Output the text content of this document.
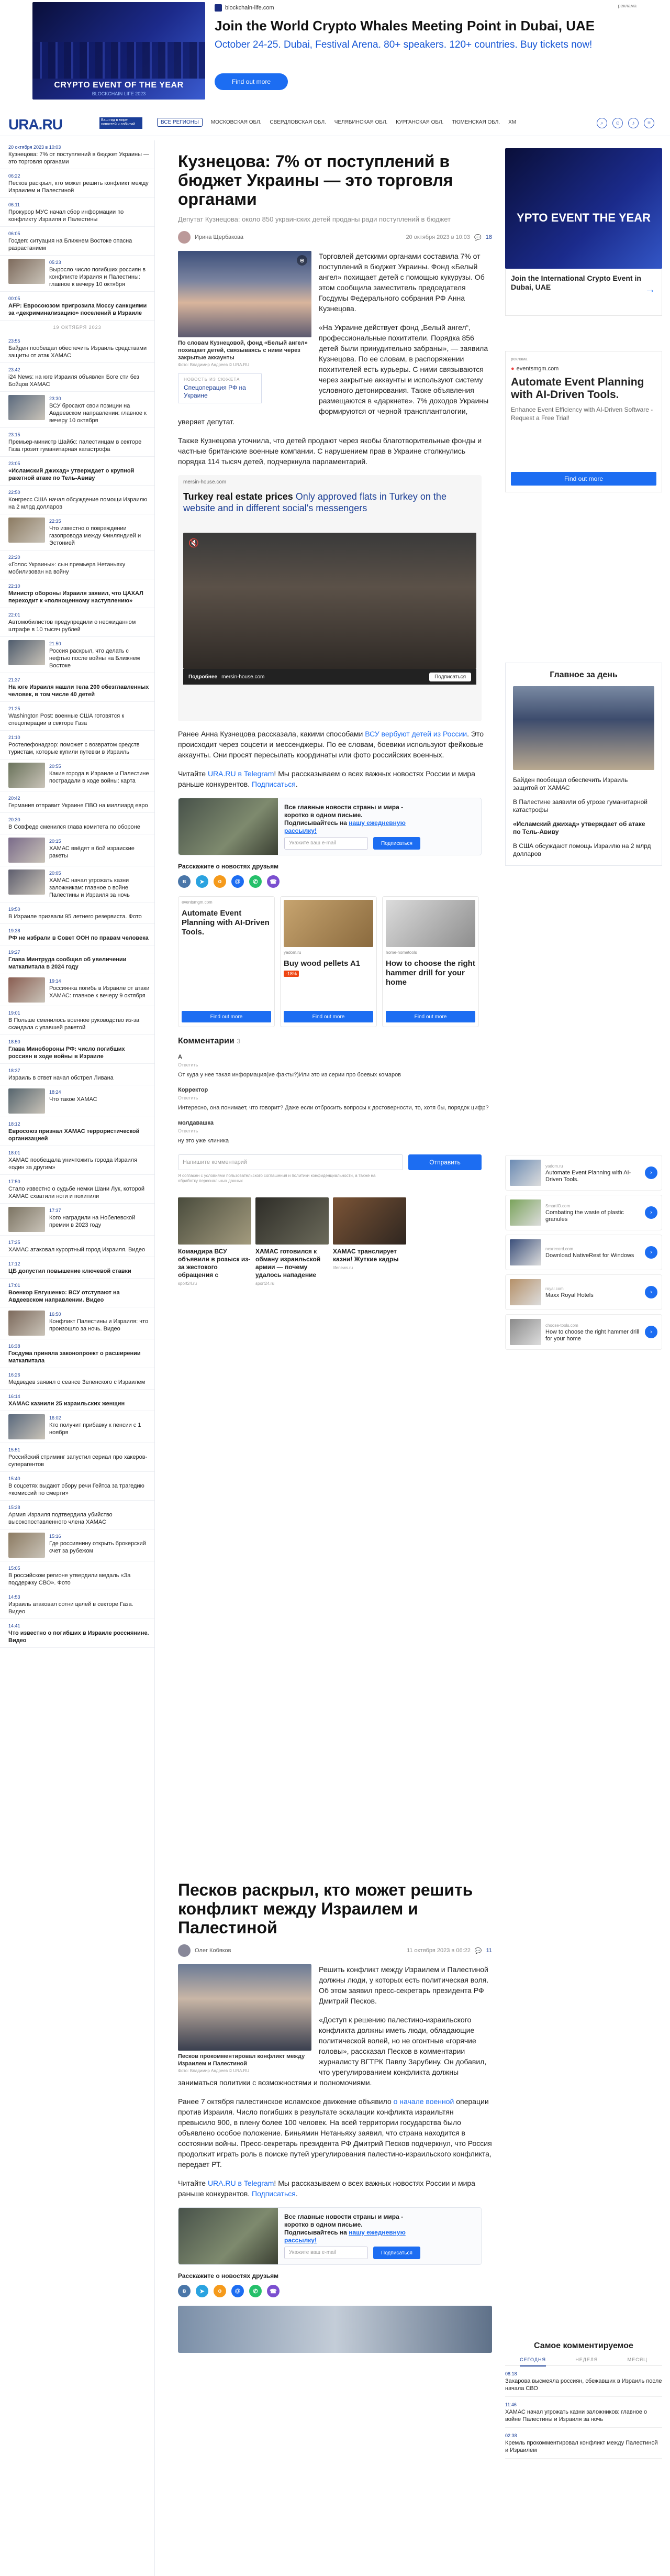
CRYPTO EVENT OF THE YEAR
BLOCKCHAIN LIFE 2023
blockchain-life.com	реклама
Join the World Crypto Whales Meeting Point in Dubai, UAE
October 24-25. Dubai, Festival Arena. 80+ speakers. 120+ countries. Buy tickets now!
Find out more
URA.RU	Ваш гид в мире новостей и событий	ВСЕ РЕГИОНЫ	МОСКОВСКАЯ ОБЛ. СВЕРДЛОВСКАЯ ОБЛ. ЧЕЛЯБИНСКАЯ ОБЛ. КУРГАНСКАЯ ОБЛ. ТЮМЕНСКАЯ ОБЛ. ХМ	⌕	☺	♪	≡
20 октября 2023 в 10:03
Кузнецова: 7% от поступлений в бюджет Украины — это торговля органами
06:22
Песков раскрыл, кто может решить конфликт между Израилем и Палестиной
06:11
Прокурор МУС начал сбор информации по конфликту Израиля и Палестины
06:05
Госдеп: ситуация на Ближнем Востоке опасна разрастанием
05:23
Выросло число погибших россиян в конфликте Израиля и Палестины: главное к вечеру 10 октября
00:05
АFP: Евросоюзом пригрозила Моссу санкциями за «декриминализацию» поселений в Израиле
19 ОКТЯБРЯ 2023
23:55
Байден пообещал обеспечить Израиль средствами защиты от атак ХАМАС
23:42
i24 News: на юге Израиля объявлен Боге сти без Бойцов ХАМАС
23:30
ВСУ бросают свои позиции на Авдеевском направлении: главное к вечеру 10 октября
23:15
Премьер-министр Шайбс: палестинцам в секторе Газа грозит гуманитарная катастрофа
23:05
«Исламский джихад» утверждает о крупной ракетной атаке по Тель-Авиву
22:50
Конгресс США начал обсуждение помощи Израилю на 2 млрд долларов
22:35
Что известно о повреждении газопровода между Финляндией и Эстонией
22:20
«Голос Украины»: сын премьера Нетаньяху мобилизован на войну
22:10
Министр обороны Израиля заявил, что ЦАХАЛ переходит к «полноценному наступлению»
22:01
Автомобилистов предупредили о неожиданном штрафе в 10 тысяч рублей
21:50
Россия раскрыл, что делать с нефтью после войны на Ближнем Востоке
21:37
На юге Израиля нашли тела 200 обезглавленных человек, в том числе 40 детей
21:25
Washington Post: военные США готовятся к спецоперации в секторе Газа
21:10
Ростелефонадзор: поможет с возвратом средств туристам, которые купили путевки в Израиль
20:55
Какие города в Израиле и Палестине пострадали в ходе войны: карта
20:42
Германия отправит Украине ПВО на миллиард евро
20:30
В Совфеде сменился глава комитета по обороне
20:15
ХАМАС ввёдят в бой израиские ракеты
20:05
ХАМАС начал угрожать казни заложникам: главное о войне Палестины и Израиля за ночь
19:50
В Израиле призвали 95 летнего резервиста. Фото
19:38
РФ не избрали в Совет ООН по правам человека
19:27
Глава Минтруда сообщил об увеличении маткапитала в 2024 году
19:14
Россиянка погибь в Израиле от атаки ХАМАС: главное к вечеру 9 октября
19:01
В Польше сменилось военное руководство из-за скандала с упавшей ракетой
18:50
Глава Минобороны РФ: число погибших россиян в ходе войны в Израиле
18:37
Израиль в ответ начал обстрел Ливана
18:24
Что такое ХАМАС
18:12
Евросоюз признал ХАМАС террористической организацией
18:01
ХАМАС пообещала уничтожить города Израиля «один за другим»
17:50
Стало известно о судьбе немки Шани Лук, которой ХАМАС схватили ноги и похитили
17:37
Кого наградили на Нобелевской премии в 2023 году
17:25
ХАМАС атаковал курортный город Израиля. Видео
17:12
ЦБ допустил повышение ключевой ставки
17:01
Военкор Евгушенко: ВСУ отступают на Авдеевском направлении. Видео
16:50
Конфликт Палестины и Израиля: что произошло за ночь. Видео
16:38
Госдума приняла законопроект о расширении маткапитала
16:26
Медведев заявил о сеансе Зеленского с Израилем
16:14
ХАМАС казнили 25 израильских женщин
16:02
Кто получит прибавку к пенсии с 1 ноября
15:51
Российский стриминг запустил сериал про хакеров-суперагентов
15:40
В соцсетях выдают сбору речи Гейтса за трагедию «комиссий по смерти»
15:28
Армия Израиля подтвердила убийство высокопоставленного члена ХАМАС
15:16
Где россиянину открыть брокерский счет за рубежом
15:05
В российском регионе утвердили медаль «За поддержку СВО». Фото
14:53
Израиль атаковал сотни целей в секторе Газа. Видео
14:41
Что известно о погибших в Израиле россиянине. Видео
Кузнецова: 7% от поступлений в бюджет Украины — это торговля органами
Депутат Кузнецова: около 850 украинских детей проданы ради поступлений в бюджет
Ирина Щербакова	20 октября 2023 в 10:03 💬 18
⊕
По словам Кузнецовой, фонд «Белый ангел» похищает детей, связываясь с ними через закрытые аккаунты
Фото: Владимир Андреев © URA.RU
НОВОСТЬ ИЗ СЮЖЕТА
Спецоперация РФ на Украине

Торговлей детскими органами составила 7% от поступлений в бюджет Украины. Фонд «Белый ангел» похищает детей с помощью кукурузы. Об этом сообщила заместитель председателя Госдумы Федерального собрания РФ Анна Кузнецова.

«На Украине действует фонд „Белый ангел“, профессиональные похитители. Порядка 856 детей были принудительно забраны», — заявила Кузнецова. По ее словам, в распоряжении похитителей есть курьеры. С ними связываются через закрытые аккаунты и используют систему условного детонирования. Также объявления размещаются в «даркнете». 7% доходов Украины формируются от черной трансплантологии, уверяет депутат.

Также Кузнецова уточнила, что детей продают через якобы благотворительные фонды и частные британские военные компании. С нарушением прав в Украине столкнулись порядка 114 тысяч детей, подчеркнула парламентарий.

mersin-house.com
Turkey real estate prices Only approved flats in Turkey on the website and in different social's messengers
🔇
Подробнее mersin-house.com	Подписаться

Ранее Анна Кузнецова рассказала, какими способами ВСУ вербуют детей из России. Это происходит через соцсети и мессенджеры. По ее словам, боевики используют фейковые аккаунты. Они просят пересылать координаты или фото российских военных.

Читайте URA.RU в Telegram! Мы рассказываем о всех важных новостях России и мира раньше конкурентов. Подписаться.

Все главные новости страны и мира - коротко в одном письме. Подписывайтесь на нашу ежедневную рассылку!
Укажите ваш e-mail	Подписаться
Расскажите о новостях друзьям
в	➤	о	@	✆	☎
eventsmgm.com
Automate Event Planning with AI-Driven Tools.
Find out more
yadom.ru
Buy wood pellets A1
-18%
Find out more
home-hometools
How to choose the right hammer drill for your home
Find out more
Комментарии 3
А
Ответить
От куда у нее такая информация(ие факты?)Или это из серии про боевых комаров
Корректор
Ответить
Интересно, она понимает, что говорит? Даже если отбросить вопросы к достоверности, то, хотя бы, порядок цифр?
молдавашка
Ответить
ну это уже клиника
Напишите комментарий	Отправить
Я согласен с условиями пользовательского соглашения и политики конфиденциальности, а также на обработку персональных данных
Командира ВСУ объявили в розыск из-за жестокого обращения с
sport24.ru
ХАМАС готовился к обману израильской армии — почему удалось нападение
sport24.ru
ХАМАС транслирует казни! Жуткие кадры
lifenews.ru
Песков раскрыл, кто может решить конфликт между Израилем и Палестиной
Олег Кобяков	11 октября 2023 в 06:22 💬 11
Песков прокомментировал конфликт между Израилем и Палестиной
Фото: Владимир Андреев © URA.RU

Решить конфликт между Израилем и Палестиной должны люди, у которых есть политическая воля. Об этом заявил пресс-секретарь президента РФ Дмитрий Песков.

«Доступ к решению палестино-израильского конфликта должны иметь люди, обладающие политической волей, но не огонтные «горячие головы», рассказал Песков в комментарии журналисту ВГТРК Павлу Зарубину. Он добавил, что урегулированием конфликта должны заниматься политики с возможностями и полномочиями.

Ранее 7 октября палестинское исламское движение объявило о начале военной операции против Израиля. Число погибших в результате эскалации конфликта израильтян превысило 900, в плену более 100 человек. На всей территории государства было объявлено особое положение. Биньямин Нетаньяху заявил, что страна находится в состоянии войны. Пресс-секретарь президента РФ Дмитрий Песков подчеркнул, что Россия продолжит играть роль в поиске путей урегулирования палестино-израильского конфликта, передает РТ.

Читайте URA.RU в Telegram! Мы рассказываем о всех важных новостях России и мира раньше конкурентов. Подписаться.

Все главные новости страны и мира - коротко в одном письме. Подписывайтесь на нашу ежедневную рассылку!
Укажите ваш e-mail	Подписаться
Расскажите о новостях друзьям
в	➤	о	@	✆	☎
YPTO EVENT THE YEAR
Join the International Crypto Event in Dubai, UAE	→
реклама
● eventsmgm.com
Automate Event Planning with AI-Driven Tools.
Enhance Event Efficiency with AI-Driven Software - Request a Free Trial!
Find out more
Главное за день
Байден пообещал обеспечить Израиль защитой от ХАМАС
В Палестине заявили об угрозе гуманитарной катастрофы
«Исламский джихад» утверждает об атаке по Тель-Авиву
В США обсуждают помощь Израилю на 2 млрд долларов
yadom.ru
Automate Event Planning with AI-Driven Tools.
›
SmartIO.com
Combating the waste of plastic granules
›
nexrecord.com
Download NativeRest for Windows	›
royal.com
Maxx Royal Hotels	›
choose-tools.com
How to choose the right hammer drill for your home
›
Самое комментируемое
СЕГОДНЯ	НЕДЕЛЯ	МЕСЯЦ
08:18
Захарова высмеяла россиян, сбежавших в Израиль после начала СВО
11:46
ХАМАС начал угрожать казни заложников: главное о войне Палестины и Израиля за ночь
02:38
Кремль прокомментировал конфликт между Палестиной и Израилем
